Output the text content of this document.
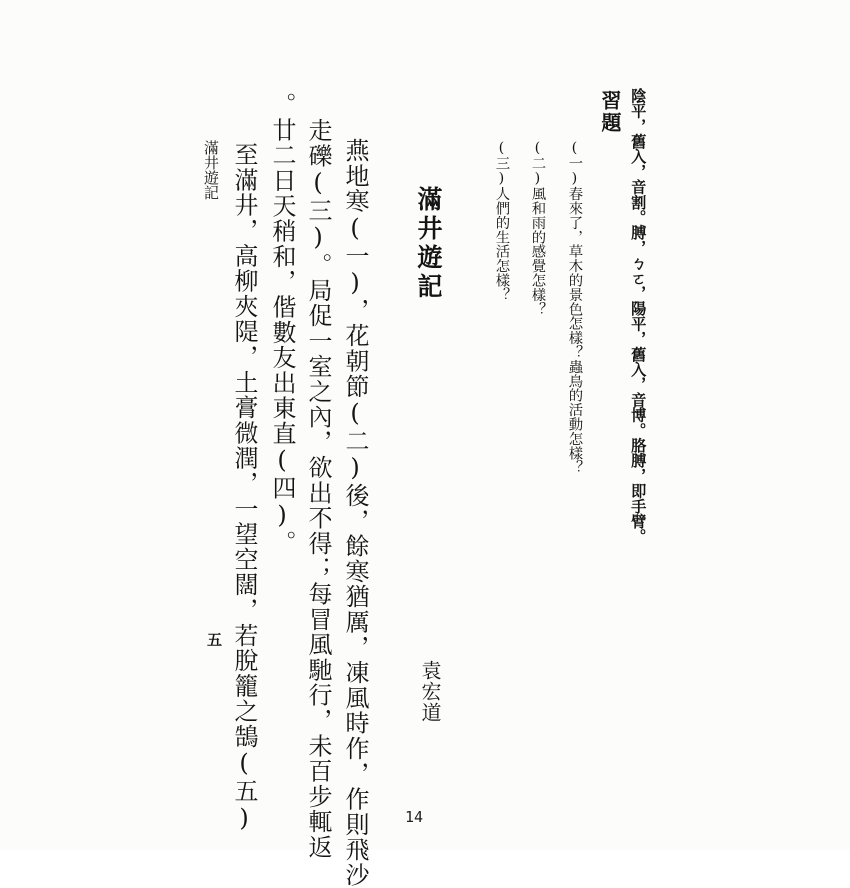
陰平，舊入，音割。膊，ㄅㄛ，陽平，舊入，音博。胳膊，即手臂。
習題
(一)春來了，草木的景色怎樣？蟲鳥的活動怎樣？
(二)風和雨的感覺怎樣？
(三)人們的生活怎樣？
滿井遊記
袁宏道
燕地寒(一)，花朝節(二)後，餘寒猶厲，凍風時作，作則飛沙
走礫(三)。局促一室之內，欲出不得；每冒風馳行，未百步輒返
。廿二日天稍和，偕數友出東直(四)。
至滿井，高柳夾隄，土膏微潤，一望空闊，若脫籠之鵠(五)
滿井遊記
五
14
